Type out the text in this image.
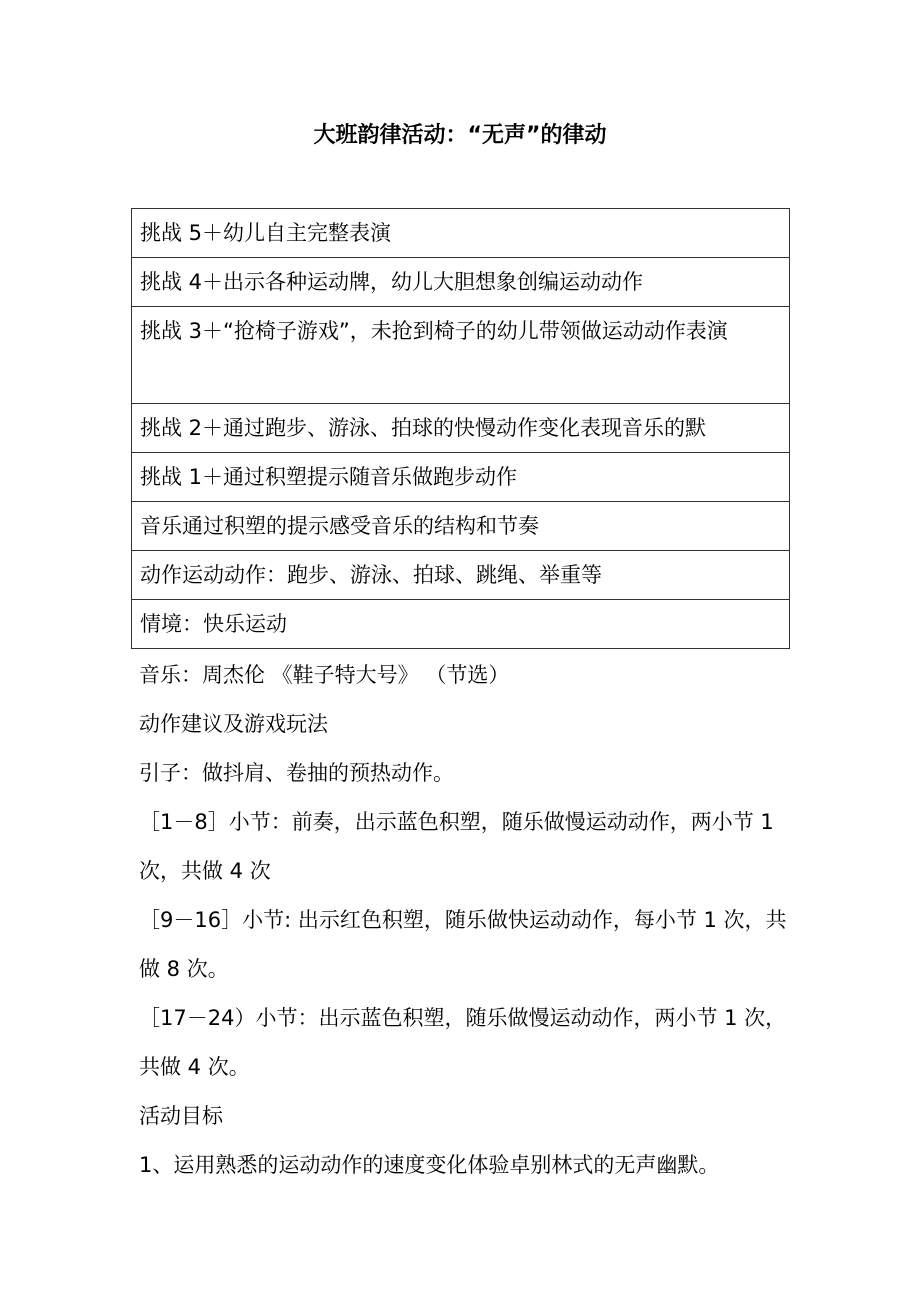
大班韵律活动：“无声”的律动
挑战 5＋幼儿自主完整表演
挑战 4＋出示各种运动牌，幼儿大胆想象创编运动动作
挑战 3＋“抢椅子游戏”，未抢到椅子的幼儿带领做运动动作表演
挑战 2＋通过跑步、游泳、拍球的快慢动作变化表现音乐的默
挑战 1＋通过积塑提示随音乐做跑步动作
音乐通过积塑的提示感受音乐的结构和节奏
动作运动动作：跑步、游泳、拍球、跳绳、举重等
情境：快乐运动

音乐：周杰伦 《鞋子特大号》 （节选）

动作建议及游戏玩法

引子：做抖肩、卷抽的预热动作。

［1－8］小节：前奏，出示蓝色积塑，随乐做慢运动动作，两小节 1 次，共做 4 次

［9－16］小节: 出示红色积塑，随乐做快运动动作，每小节 1 次，共做 8 次。

［17－24）小节：出示蓝色积塑，随乐做慢运动动作，两小节 1 次，共做 4 次。

活动目标

1、运用熟悉的运动动作的速度变化体验卓别林式的无声幽默。
